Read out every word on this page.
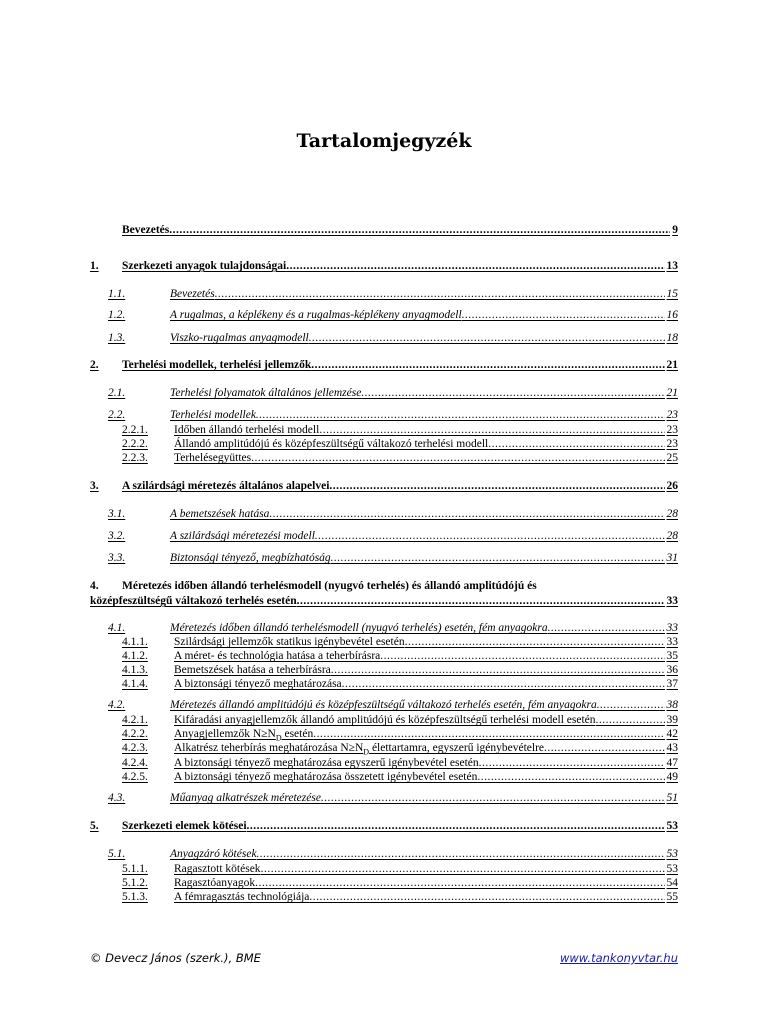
Tartalomjegyzék
Bevezetés .....	9
1.	Szerkezeti anyagok tulajdonságai .....	13
1.1.	Bevezetés .....	15
1.2.	A rugalmas, a képlékeny és a rugalmas-képlékeny anyagmodell .....	16
1.3.	Viszko-rugalmas anyagmodell .....	18
2.	Terhelési modellek, terhelési jellemzők .....	21
2.1.	Terhelési folyamatok általános jellemzése .....	21
2.2.	Terhelési modellek .....	23
2.2.1.	Időben állandó terhelési modell .....	23
2.2.2.	Állandó amplitúdójú és középfeszültségű váltakozó terhelési modell .....	23
2.2.3.	Terhelésegyüttes .....	25
3.	A szilárdsági méretezés általános alapelvei .....	26
3.1.	A bemetszések hatása .....	28
3.2.	A szilárdsági méretezési modell .....	28
3.3.	Biztonsági tényező, megbízhatóság .....	31
4. Méretezés időben állandó terhelésmodell (nyugvó terhelés) és állandó amplitúdójú és
középfeszültségű váltakozó terhelés esetén .....	33
4.1.	Méretezés időben állandó terhelésmodell (nyugvó terhelés) esetén, fém anyagokra .....	33
4.1.1.	Szilárdsági jellemzők statikus igénybevétel esetén .....	33
4.1.2.	A méret- és technológia hatása a teherbírásra .....	35
4.1.3.	Bemetszések hatása a teherbírásra .....	36
4.1.4.	A biztonsági tényező meghatározása .....	37
4.2.	Méretezés állandó amplitúdójú és középfeszültségű váltakozó terhelés esetén, fém anyagokra .....	38
4.2.1.	Kifáradási anyagjellemzők állandó amplitúdójú és középfeszültségű terhelési modell esetén .....	39
4.2.2.	Anyagjellemzők $N\ge N_D$ esetén .....	42
4.2.3.	Alkatrész teherbírás meghatározása $N\ge N_D$ élettartamra, egyszerű igénybevételre .....	43
4.2.4.	A biztonsági tényező meghatározása egyszerű igénybevétel esetén .....	47
4.2.5.	A biztonsági tényező meghatározása összetett igénybevétel esetén .....	49
4.3.	Műanyag alkatrészek méretezése .....	51
5.	Szerkezeti elemek kötései .....	53
5.1.	Anyagzáró kötések .....	53
5.1.1.	Ragasztott kötések .....	53
5.1.2.	Ragasztóanyagok .....	54
5.1.3.	A fémragasztás technológiája .....	55
© Devecz János (szerk.), BME	www.tankonyvtar.hu
